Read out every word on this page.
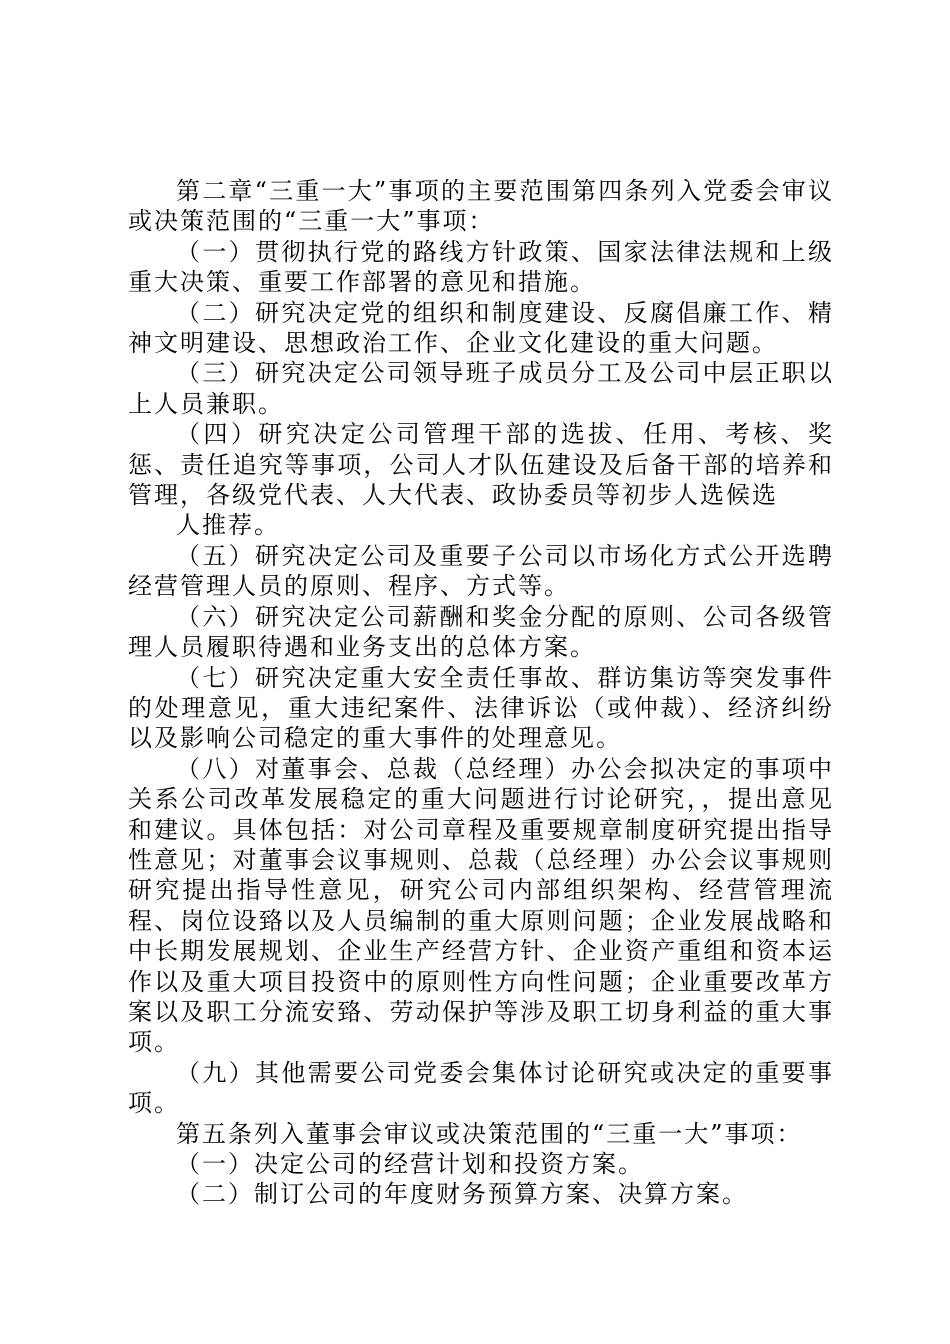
第二章“三重一大”事项的主要范围第四条列入党委会审议或决策范围的“三重一大”事项：

（一）贯彻执行党的路线方针政策、国家法律法规和上级重大决策、重要工作部署的意见和措施。

（二）研究决定党的组织和制度建设、反腐倡廉工作、精神文明建设、思想政治工作、企业文化建设的重大问题。

（三）研究决定公司领导班子成员分工及公司中层正职以上人员兼职。

（四）研究决定公司管理干部的选拔、任用、考核、奖惩、责任追究等事项，公司人才队伍建设及后备干部的培养和管理，各级党代表、人大代表、政协委员等初步人选候选

人推荐。

（五）研究决定公司及重要子公司以市场化方式公开选聘经营管理人员的原则、程序、方式等。

（六）研究决定公司薪酬和奖金分配的原则、公司各级管理人员履职待遇和业务支出的总体方案。

（七）研究决定重大安全责任事故、群访集访等突发事件的处理意见，重大违纪案件、法律诉讼（或仲裁）、经济纠纷以及影响公司稳定的重大事件的处理意见。

（八）对董事会、总裁（总经理）办公会拟决定的事项中关系公司改革发展稳定的重大问题进行讨论研究，，提出意见和建议。具体包括：对公司章程及重要规章制度研究提出指导性意见；对董事会议事规则、总裁（总经理）办公会议事规则研究提出指导性意见，研究公司内部组织架构、经营管理流程、岗位设臵以及人员编制的重大原则问题；企业发展战略和中长期发展规划、企业生产经营方针、企业资产重组和资本运作以及重大项目投资中的原则性方向性问题；企业重要改革方案以及职工分流安臵、劳动保护等涉及职工切身利益的重大事项。

（九）其他需要公司党委会集体讨论研究或决定的重要事项。

第五条列入董事会审议或决策范围的“三重一大”事项：

（一）决定公司的经营计划和投资方案。

（二）制订公司的年度财务预算方案、决算方案。
